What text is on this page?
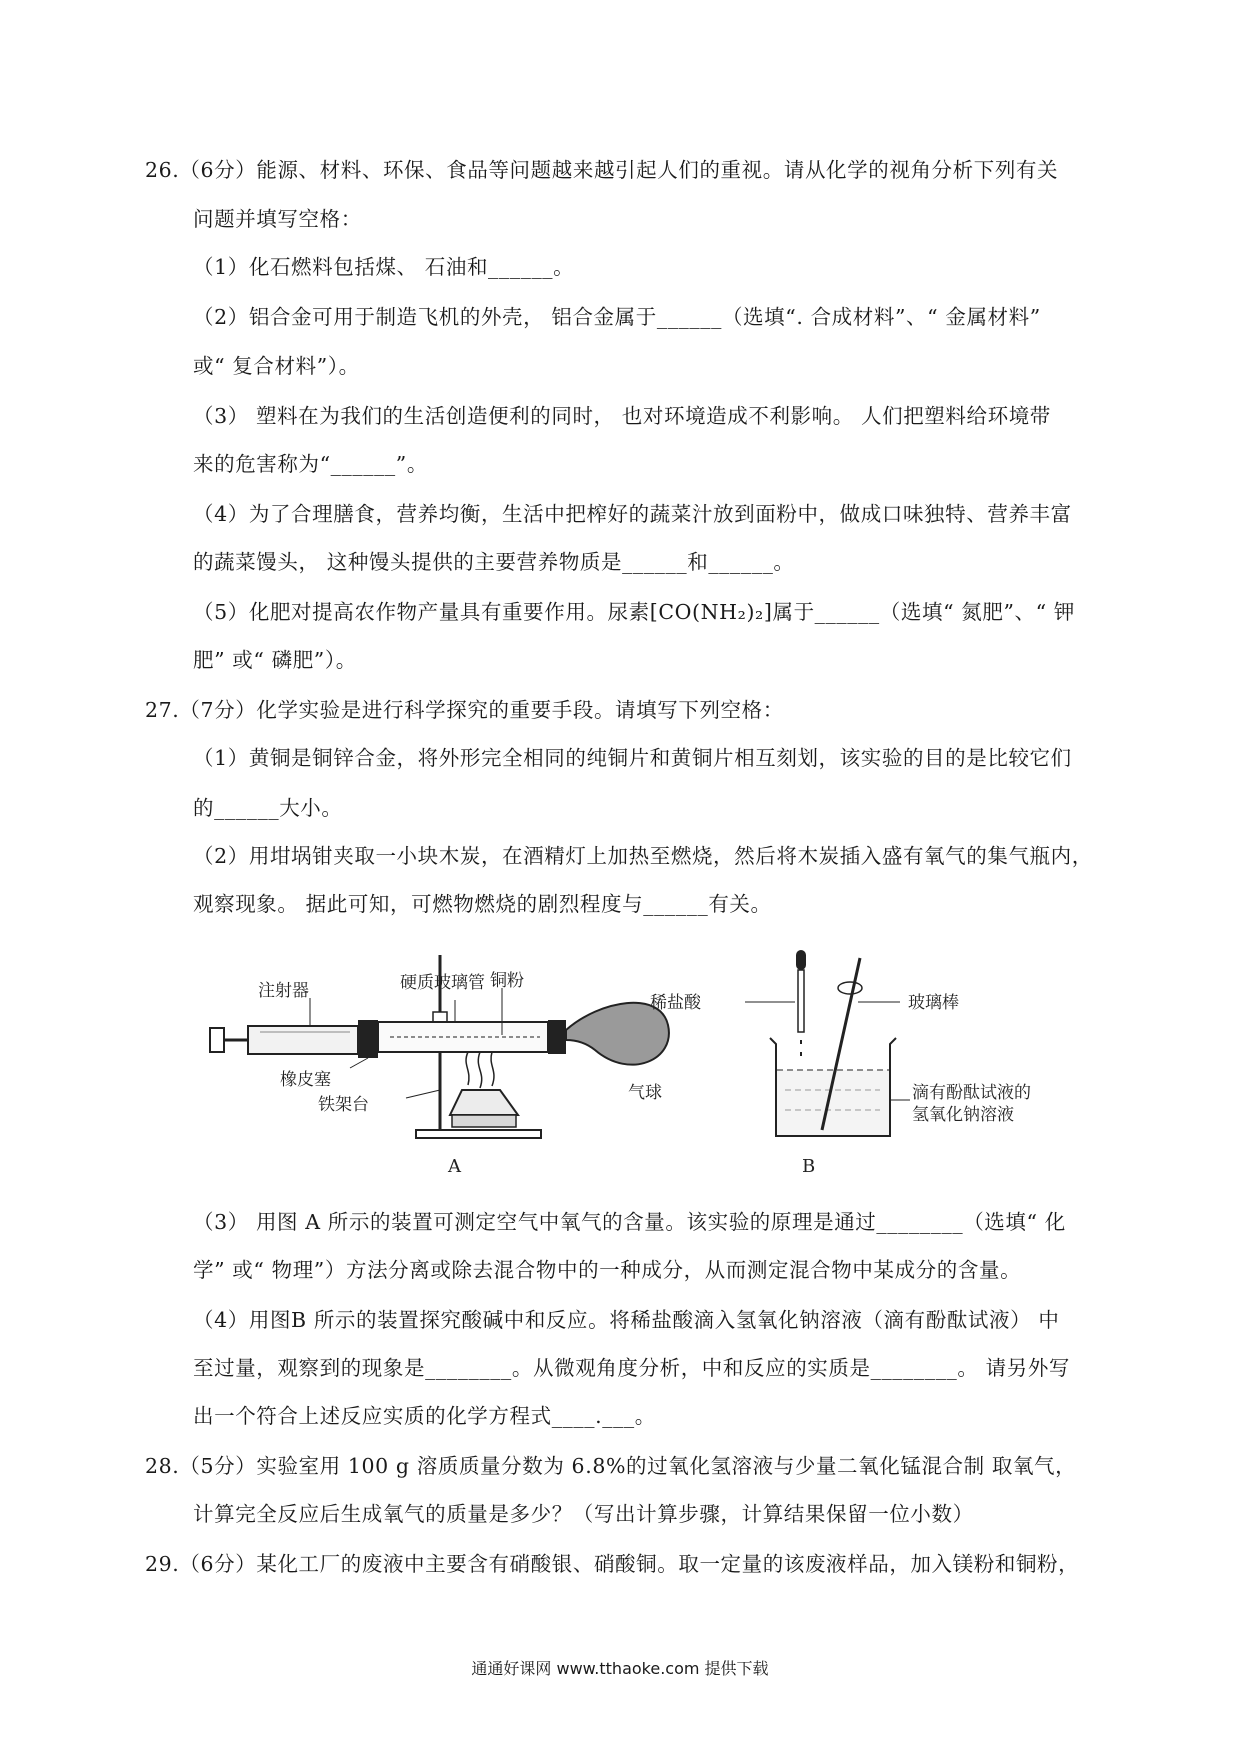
26.（6分）能源、材料、环保、食品等问题越来越引起人们的重视。请从化学的视角分析下列有关
问题并填写空格：
（1）化石燃料包括煤、 石油和______。
（2）铝合金可用于制造飞机的外壳， 铝合金属于______（选填“. 合成材料”、“ 金属材料”
或“ 复合材料”）。
（3） 塑料在为我们的生活创造便利的同时， 也对环境造成不利影响。 人们把塑料给环境带
来的危害称为“______”。
（4）为了合理膳食，营养均衡，生活中把榨好的蔬菜汁放到面粉中，做成口味独特、营养丰富
的蔬菜馒头， 这种馒头提供的主要营养物质是______和______。
（5）化肥对提高农作物产量具有重要作用。尿素[CO(NH₂)₂]属于______（选填“ 氮肥”、“ 钾
肥” 或“ 磷肥”）。
27.（7分）化学实验是进行科学探究的重要手段。请填写下列空格：
（1）黄铜是铜锌合金，将外形完全相同的纯铜片和黄铜片相互刻划，该实验的目的是比较它们
的______大小。
（2）用坩埚钳夹取一小块木炭，在酒精灯上加热至燃烧，然后将木炭插入盛有氧气的集气瓶内，
观察现象。 据此可知，可燃物燃烧的剧烈程度与______有关。
注射器	硬质玻璃管 铜粉
橡皮塞
铁架台
气球
A
稀盐酸	玻璃棒
滴有酚酞试液的
氢氧化钠溶液
B
（3） 用图 A 所示的装置可测定空气中氧气的含量。该实验的原理是通过________（选填“ 化
学” 或“ 物理”）方法分离或除去混合物中的一种成分，从而测定混合物中某成分的含量。
（4）用图B 所示的装置探究酸碱中和反应。将稀盐酸滴入氢氧化钠溶液（滴有酚酞试液） 中
至过量，观察到的现象是________。从微观角度分析，中和反应的实质是________。 请另外写
出一个符合上述反应实质的化学方程式____.___。
28.（5分）实验室用 100 g 溶质质量分数为 6.8%的过氧化氢溶液与少量二氧化锰混合制 取氧气，
计算完全反应后生成氧气的质量是多少？（写出计算步骤，计算结果保留一位小数）
29.（6分）某化工厂的废液中主要含有硝酸银、硝酸铜。取一定量的该废液样品，加入镁粉和铜粉，
通通好课网 www.tthaoke.com 提供下载
